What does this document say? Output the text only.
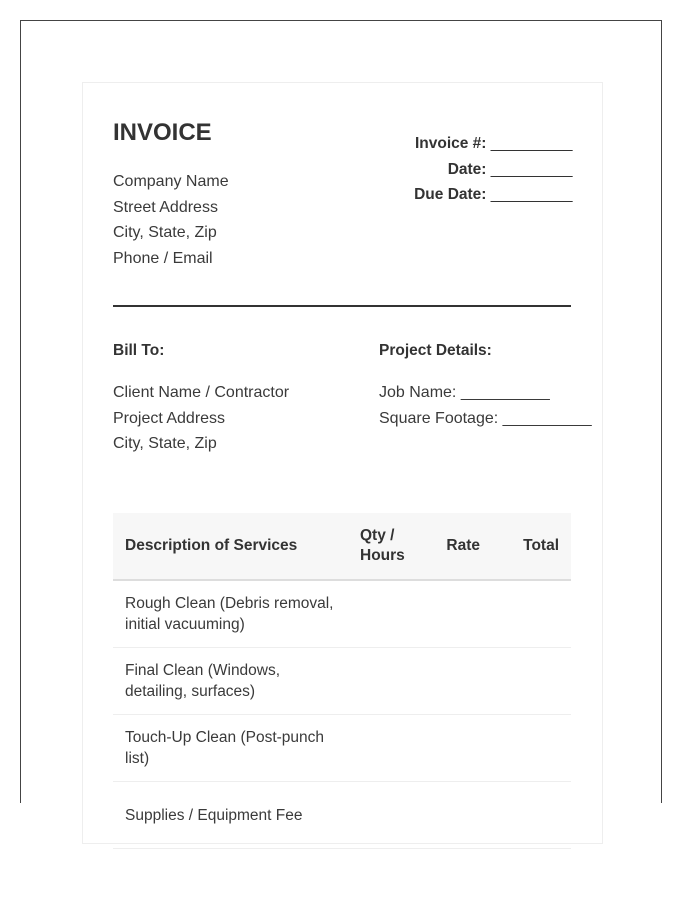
INVOICE
Company Name
Street Address
City, State, Zip
Phone / Email
Invoice #: __________
Date: __________
Due Date: __________
Bill To:	Project Details:
Client Name / Contractor
Project Address
City, State, Zip
Job Name: __________
Square Footage: __________
Description of Services	Qty / Hours	Rate	Total
Rough Clean (Debris removal, initial vacuuming)			
Final Clean (Windows, detailing, surfaces)			
Touch-Up Clean (Post-punch list)			
Supplies / Equipment Fee			
